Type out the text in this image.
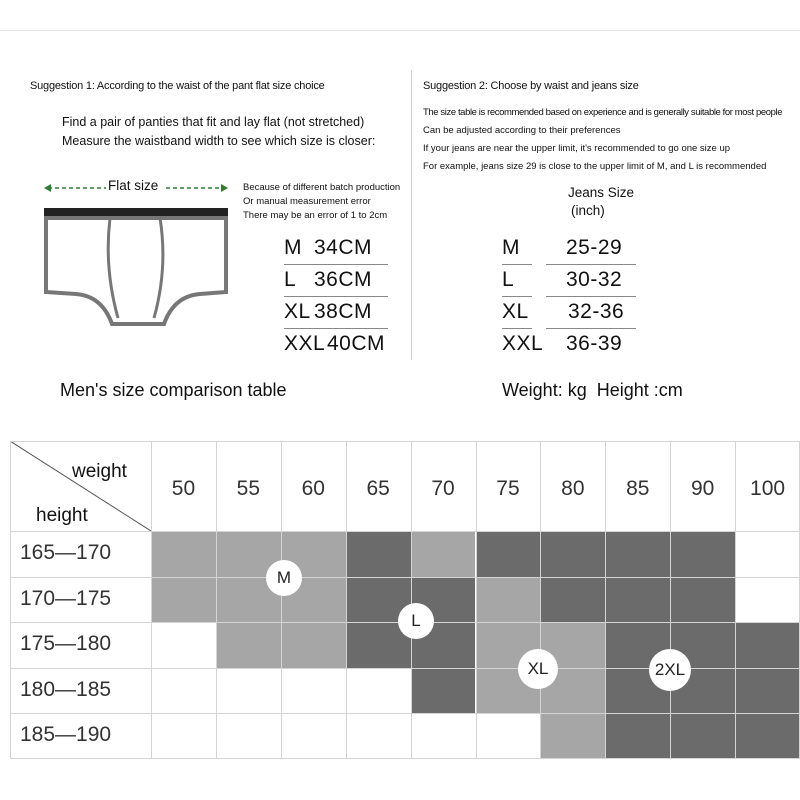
Suggestion 1: According to the waist of the pant flat size choice
Find a pair of panties that fit and lay flat (not stretched)
Measure the waistband width to see which size is closer:
Flat size	Because of different batch production
Or manual measurement error
There may be an error of 1 to 2cm
M 34CM
L 36CM
XL 38CM
XXL 40CM
Suggestion 2: Choose by waist and jeans size
The size table is recommended based on experience and is generally suitable for most people
Can be adjusted according to their preferences
If your jeans are near the upper limit, it's recommended to go one size up
For example, jeans size 29 is close to the upper limit of M, and L is recommended
Jeans Size
(inch)
M 25-29
L 30-32
XL 32-36
XXL 36-39
Men's size comparison table	Weight: kg  Height :cm
weight
height
50	55	60	65	70	75	80	85	90	100
165—170
170—175
175—180
180—185
185—190
M
L
XL	2XL
